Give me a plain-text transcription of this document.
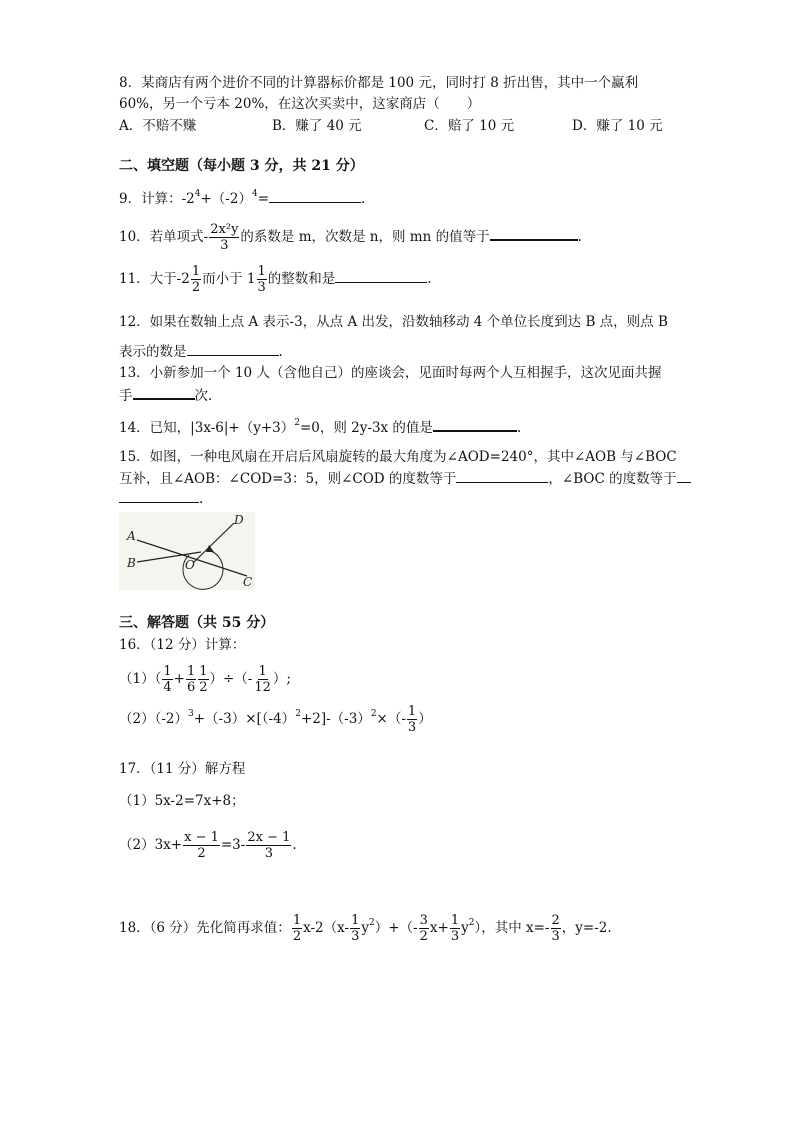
8．某商店有两个进价不同的计算器标价都是 100 元，同时打 8 折出售，其中一个赢利
60%，另一个亏本 20%，在这次买卖中，这家商店（　　）
A．不赔不赚	B．赚了 40 元	C．赔了 10 元	D．赚了 10 元
二、填空题（每小题 3 分，共 21 分）
9．计算：$-2^4+(-2)^4=$	.
10．若单项式- $\frac{\text{2x²y}}{3}$ 的系数是 m，次数是 n，则 mn 的值等于	.
11．大于$-2 \frac{1}{2}$ 而小于 $1 \frac{1}{3}$ 的整数和是	.
12．如果在数轴上点 A 表示-3，从点 A 出发，沿数轴移动 4 个单位长度到达 B 点，则点 B
表示的数是	.
13．小新参加一个 10 人（含他自己）的座谈会，见面时每两个人互相握手，这次见面共握
手	次.
14．已知，$|3x-6|+(y+3)^2=0$，则 2y-3x 的值是	.
15．如图，一种电风扇在开启后风扇旋转的最大角度为∠AOD=240°，其中∠AOB 与∠BOC
互补，且∠AOB：∠COD=3：5，则∠COD 的度数等于	，∠BOC 的度数等于
.
A
B
C
D
O
三、解答题（共 55 分）
16．（12 分）计算：
$(1)( \frac{1}{4} + \frac{1}{6} \frac{1}{2}$ ）÷（- $\frac{1}{12}$ ）;
$(2)(-2)^3+(-3)\times[(-4)^2+2]-(-3)^2\times(- \frac{1}{3}$ ）
17．（11 分）解方程
（1）5x-2=7x+8；
$(2)3x+ \frac{x - 1}{2} =3- \frac{2x - 1}{3}$ .
18．（6 分）先化简再求值： $\frac{1}{2} x-2(x- \frac{1}{3} y^2)+(- \frac{3}{2} x+ \frac{1}{3} y^2)$，其中 $x=- \frac{2}{3}$ ，y=-2.
